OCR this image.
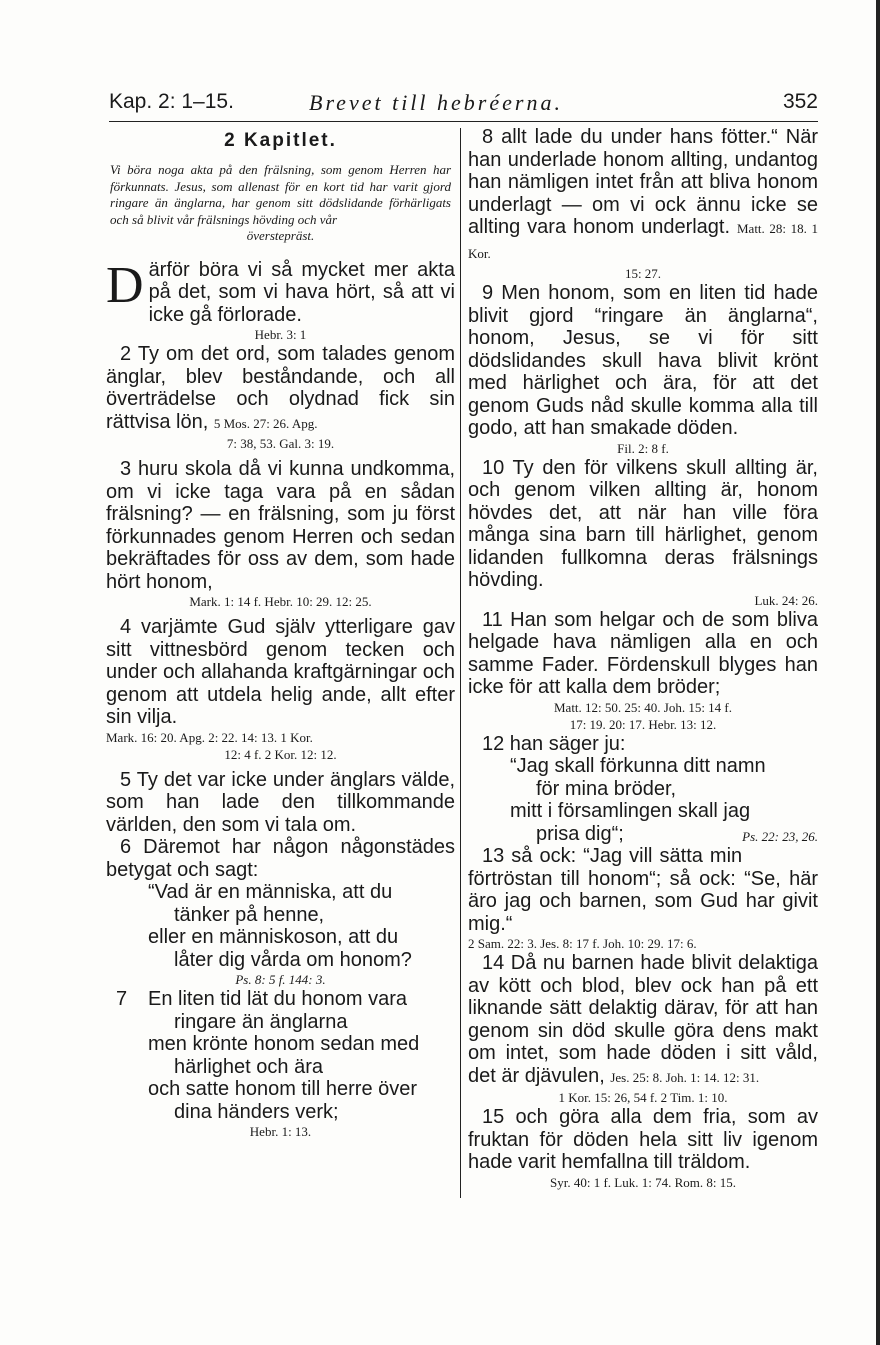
Kap. 2: 1–15.	Brevet till hebréerna.	352
2 Kapitlet.
Vi böra noga akta på den frälsning, som genom Herren har förkunnats. Jesus, som allenast för en kort tid har varit gjord ringare än änglarna, har genom sitt dödslidande förhärligats och så blivit vår frälsnings hövding och vår
överstepräst.

Därför böra vi så mycket mer akta på det, som vi hava hört, så att vi icke gå förlorade.

Hebr. 3: 1

2 Ty om det ord, som talades genom änglar, blev beståndande, och all överträdelse och olydnad fick sin rättvisa lön, 5 Mos. 27: 26. Apg.

7: 38, 53. Gal. 3: 19.

3 huru skola då vi kunna undkomma, om vi icke taga vara på en sådan frälsning? — en frälsning, som ju först förkunnades genom Herren och sedan bekräftades för oss av dem, som hade hört honom,

Mark. 1: 14 f. Hebr. 10: 29. 12: 25.

4 varjämte Gud själv ytterligare gav sitt vittnesbörd genom tecken och under och allahanda kraftgärningar och genom att utdela helig ande, allt efter sin vilja.

Mark. 16: 20. Apg. 2: 22. 14: 13. 1 Kor.

12: 4 f. 2 Kor. 12: 12.

5 Ty det var icke under änglars välde, som han lade den tillkommande världen, den som vi tala om.

6 Däremot har någon någonstädes betygat och sagt:

“Vad är en människa, att du

tänker på henne,

eller en människoson, att du

låter dig vårda om honom?

Ps. 8: 5 f. 144: 3.

7 En liten tid lät du honom vara

ringare än änglarna

men krönte honom sedan med

härlighet och ära

och satte honom till herre över

dina händers verk;

Hebr. 1: 13.

8 allt lade du under hans fötter.“ När han underlade honom allting, undantog han nämligen intet från att bliva honom underlagt — om vi ock ännu icke se allting vara honom underlagt. Matt. 28: 18. 1 Kor.

15: 27.

9 Men honom, som en liten tid hade blivit gjord “ringare än änglarna“, honom, Jesus, se vi för sitt dödslidandes skull hava blivit krönt med härlighet och ära, för att det genom Guds nåd skulle komma alla till godo, att han smakade döden.

Fil. 2: 8 f.

10 Ty den för vilkens skull allting är, och genom vilken allting är, honom hövdes det, att när han ville föra många sina barn till härlighet, genom lidanden fullkomna deras frälsnings hövding.

Luk. 24: 26.

11 Han som helgar och de som bliva helgade hava nämligen alla en och samme Fader. Fördenskull blyges han icke för att kalla dem bröder;

Matt. 12: 50. 25: 40. Joh. 15: 14 f.

17: 19. 20: 17. Hebr. 13: 12.

12 han säger ju:

“Jag skall förkunna ditt namn

för mina bröder,

mitt i församlingen skall jag

prisa dig“;	Ps. 22: 23, 26.

13 så ock: “Jag vill sätta min förtröstan till honom“; så ock: “Se, här äro jag och barnen, som Gud har givit mig.“

2 Sam. 22: 3. Jes. 8: 17 f. Joh. 10: 29. 17: 6.

14 Då nu barnen hade blivit delaktiga av kött och blod, blev ock han på ett liknande sätt delaktig därav, för att han genom sin död skulle göra dens makt om intet, som hade döden i sitt våld, det är djävulen, Jes. 25: 8. Joh. 1: 14. 12: 31.

1 Kor. 15: 26, 54 f. 2 Tim. 1: 10.

15 och göra alla dem fria, som av fruktan för döden hela sitt liv igenom hade varit hemfallna till träldom.

Syr. 40: 1 f. Luk. 1: 74. Rom. 8: 15.
